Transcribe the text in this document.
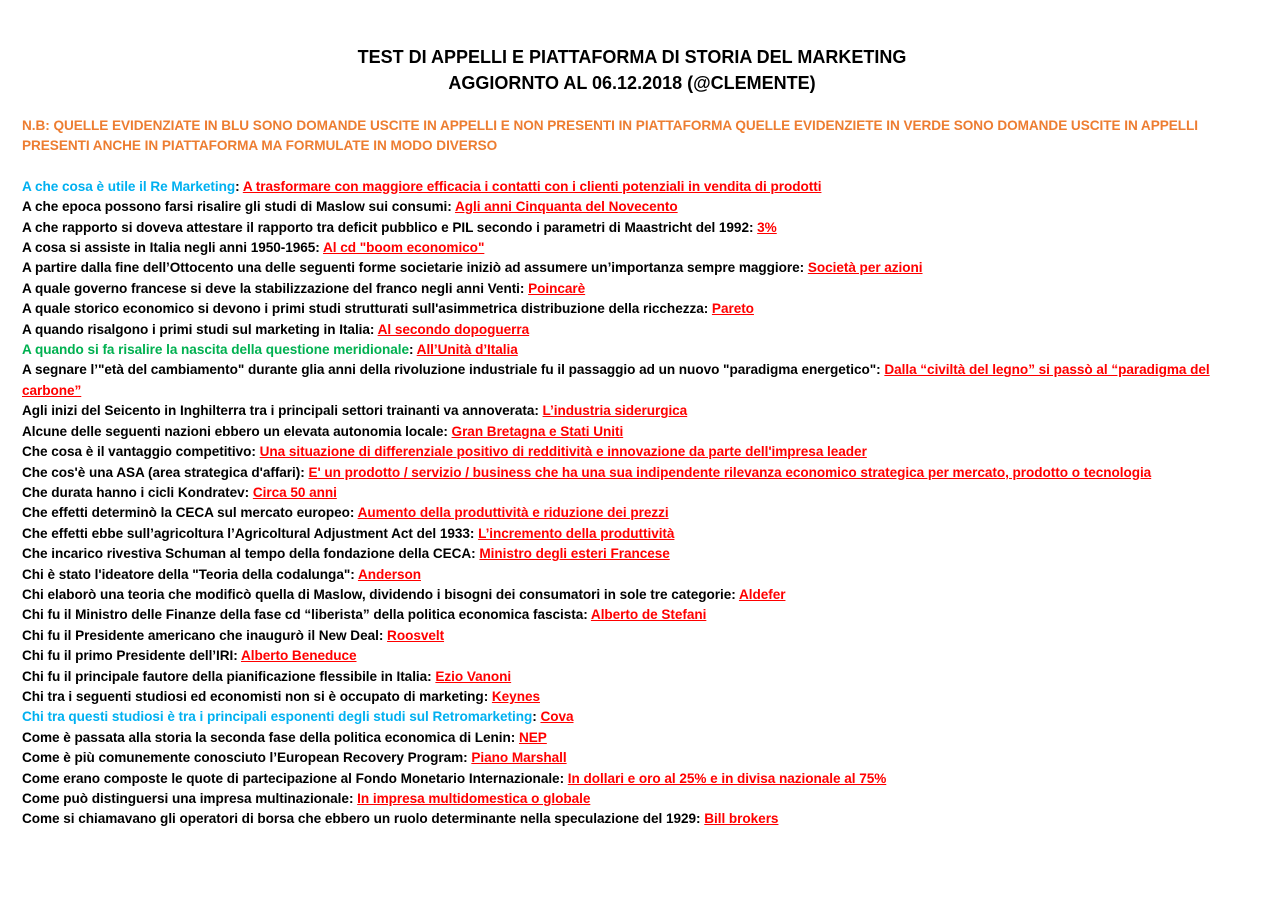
TEST DI APPELLI E PIATTAFORMA DI STORIA DEL MARKETING
AGGIORNTO AL 06.12.2018 (@CLEMENTE)
N.B: QUELLE EVIDENZIATE IN BLU SONO DOMANDE USCITE IN APPELLI E NON PRESENTI IN PIATTAFORMA QUELLE EVIDENZIETE IN VERDE SONO DOMANDE USCITE IN APPELLI PRESENTI ANCHE IN PIATTAFORMA MA FORMULATE IN MODO DIVERSO
A che cosa è utile il Re Marketing: A trasformare con maggiore efficacia i contatti con i clienti potenziali in vendita di prodotti
A che epoca possono farsi risalire gli studi di Maslow sui consumi: Agli anni Cinquanta del Novecento
A che rapporto si doveva attestare il rapporto tra deficit pubblico e PIL secondo i parametri di Maastricht del 1992: 3%
A cosa si assiste in Italia negli anni 1950-1965: Al cd "boom economico"
A partire dalla fine dell’Ottocento una delle seguenti forme societarie iniziò ad assumere un’importanza sempre maggiore: Società per azioni
A quale governo francese si deve la stabilizzazione del franco negli anni Venti: Poincarè
A quale storico economico si devono i primi studi strutturati sull'asimmetrica distribuzione della ricchezza: Pareto
A quando risalgono i primi studi sul marketing in Italia: Al secondo dopoguerra
A quando si fa risalire la nascita della questione meridionale: All’Unità d’Italia
A segnare l’"età del cambiamento" durante glia anni della rivoluzione industriale fu il passaggio ad un nuovo "paradigma energetico": Dalla “civiltà del legno” si passò al “paradigma del carbone”
Agli inizi del Seicento in Inghilterra tra i principali settori trainanti va annoverata: L’industria siderurgica
Alcune delle seguenti nazioni ebbero un elevata autonomia locale: Gran Bretagna e Stati Uniti
Che cosa è il vantaggio competitivo: Una situazione di differenziale positivo di redditività e innovazione da parte dell'impresa leader
Che cos'è una ASA (area strategica d'affari): E' un prodotto / servizio / business che ha una sua indipendente rilevanza economico strategica per mercato, prodotto o tecnologia
Che durata hanno i cicli Kondratev: Circa 50 anni
Che effetti determinò la CECA sul mercato europeo: Aumento della produttività e riduzione dei prezzi
Che effetti ebbe sull’agricoltura l’Agricoltural Adjustment Act del 1933: L’incremento della produttività
Che incarico rivestiva Schuman al tempo della fondazione della CECA: Ministro degli esteri Francese
Chi è stato l'ideatore della "Teoria della codalunga": Anderson
Chi elaborò una teoria che modificò quella di Maslow, dividendo i bisogni dei consumatori in sole tre categorie: Aldefer
Chi fu il Ministro delle Finanze della fase cd “liberista” della politica economica fascista: Alberto de Stefani
Chi fu il Presidente americano che inaugurò il New Deal: Roosvelt
Chi fu il primo Presidente dell’IRI: Alberto Beneduce
Chi fu il principale fautore della pianificazione flessibile in Italia: Ezio Vanoni
Chi tra i seguenti studiosi ed economisti non si è occupato di marketing: Keynes
Chi tra questi studiosi è tra i principali esponenti degli studi sul Retromarketing: Cova
Come è passata alla storia la seconda fase della politica economica di Lenin: NEP
Come è più comunemente conosciuto l’European Recovery Program: Piano Marshall
Come erano composte le quote di partecipazione al Fondo Monetario Internazionale: In dollari e oro al 25% e in divisa nazionale al 75%
Come può distinguersi una impresa multinazionale: In impresa multidomestica o globale
Come si chiamavano gli operatori di borsa che ebbero un ruolo determinante nella speculazione del 1929: Bill brokers
